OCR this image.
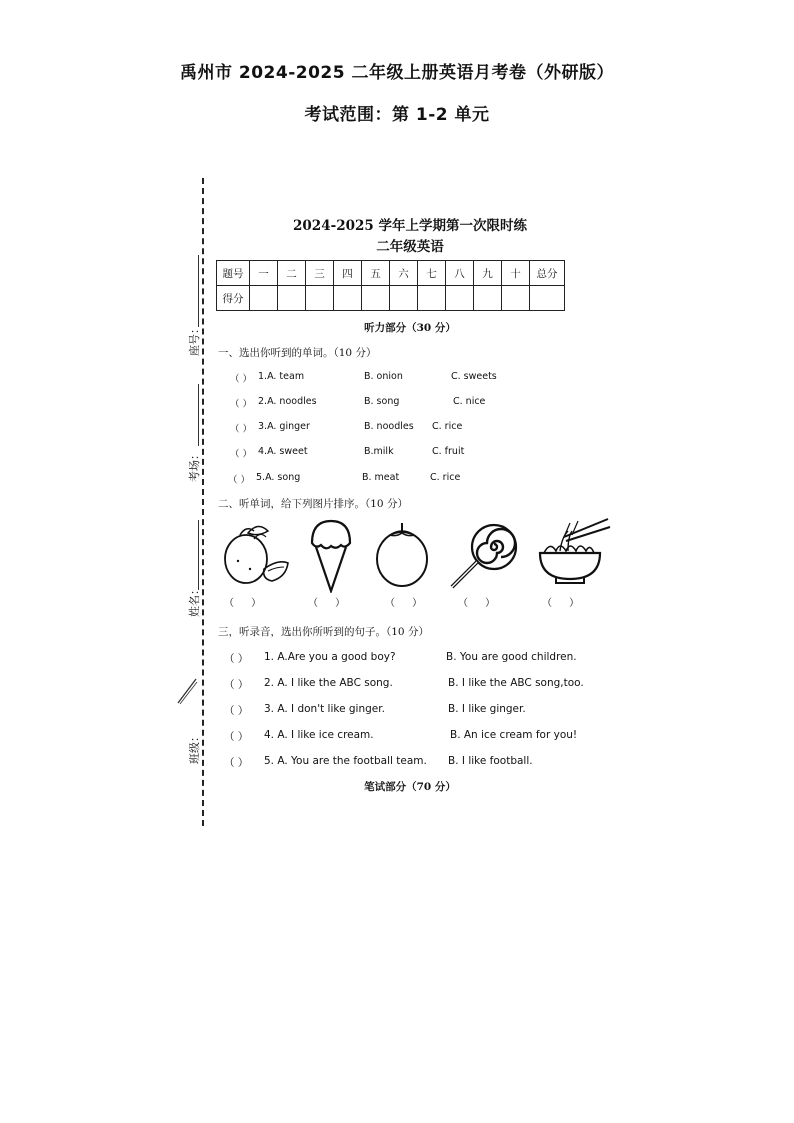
禹州市 2024-2025 二年级上册英语月考卷（外研版）
考试范围：第 1-2 单元
座号：
考场：
姓名：
班级：
2024-2025 学年上学期第一次限时练
二年级英语
题号	一	二	三	四	五	六	七	八	九	十	总分
得分											
听力部分（30 分）
一、选出你听到的单词。（10 分）
（ ） 1.A. team	B. onion	C. sweets
（ ） 2.A. noodles	B. song	C. nice
（ ） 3.A. ginger	B. noodles C. rice
（ ） 4.A. sweet	B.milk	C. fruit
（ ） 5.A. song	B. meat	C. rice
二、听单词，给下列图片排序。（10 分）
（ ）	（ ）	（ ）	（ ）	（ ）
三，听录音，选出你所听到的句子。（10 分）
（ ） 1. A.Are you a good boy?	B. You are good children.
（ ） 2. A. I like the ABC song.	B. I like the ABC song,too.
（ ） 3. A. I don't like ginger.	B. I like ginger.
（ ） 4. A. I like ice cream.	B. An ice cream for you!
（ ） 5. A. You are the football team. B. I like football.
笔试部分（70 分）
